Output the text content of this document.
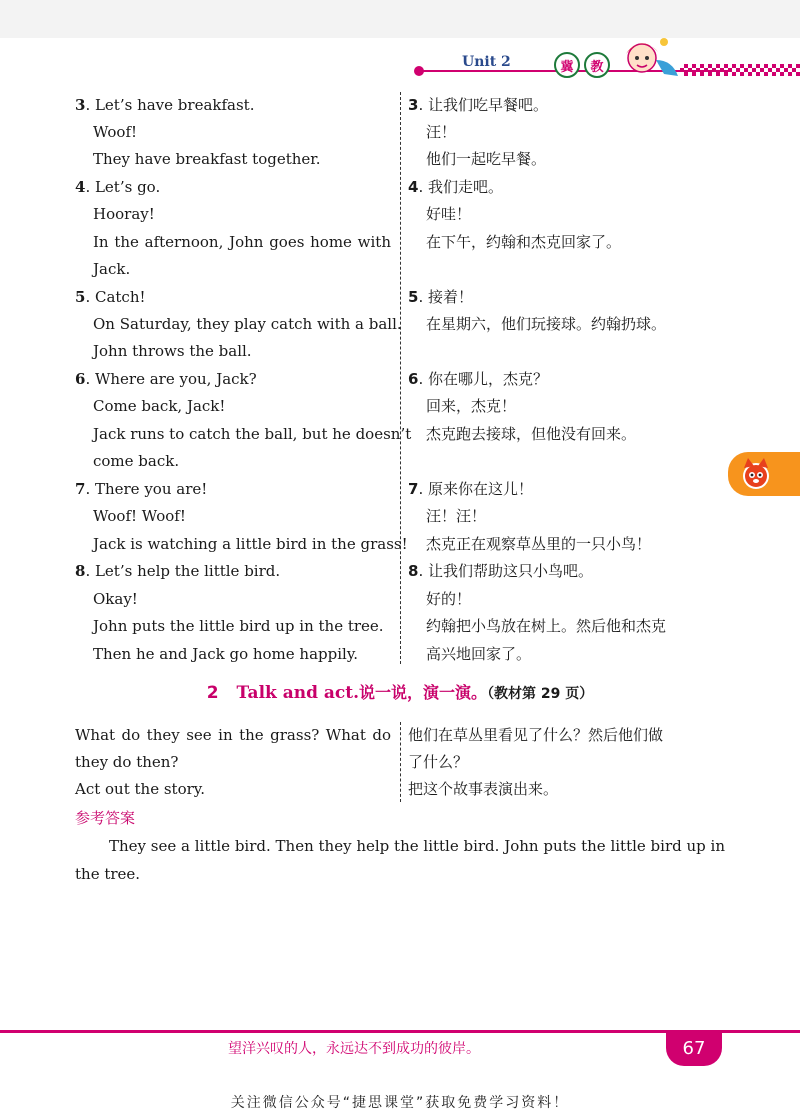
Unit 2	冀	教
3. Let’s have breakfast.	3. 让我们吃早餐吧。
Woof!	汪！
They have breakfast together.	他们一起吃早餐。
4. Let’s go.	4. 我们走吧。
Hooray!	好哇！
In the afternoon, John goes home with 在下午，约翰和杰克回家了。
Jack.
5. Catch!	5. 接着！
On Saturday, they play catch with a ball. 在星期六，他们玩接球。约翰扔球。
John throws the ball.
6. Where are you, Jack?	6. 你在哪儿，杰克？
Come back, Jack!	回来，杰克！
Jack runs to catch the ball, but he doesn’t 杰克跑去接球，但他没有回来。
come back.
7. There you are!	7. 原来你在这儿！
Woof! Woof!	汪！汪！
Jack is watching a little bird in the grass! 杰克正在观察草丛里的一只小鸟！
8. Let’s help the little bird.	8. 让我们帮助这只小鸟吧。
Okay!	好的！
John puts the little bird up in the tree.	约翰把小鸟放在树上。然后他和杰克
Then he and Jack go home happily.	高兴地回家了。
2 Talk and act.说一说，演一演。（教材第 29 页）
What do they see in the grass? What do 他们在草丛里看见了什么？然后他们做
they do then?	了什么？
Act out the story.	把这个故事表演出来。
参考答案
They see a little bird. Then they help the little bird. John puts the little bird up in the tree.
望洋兴叹的人，永远达不到成功的彼岸。	67
关注微信公众号“捷思课堂”获取免费学习资料！
